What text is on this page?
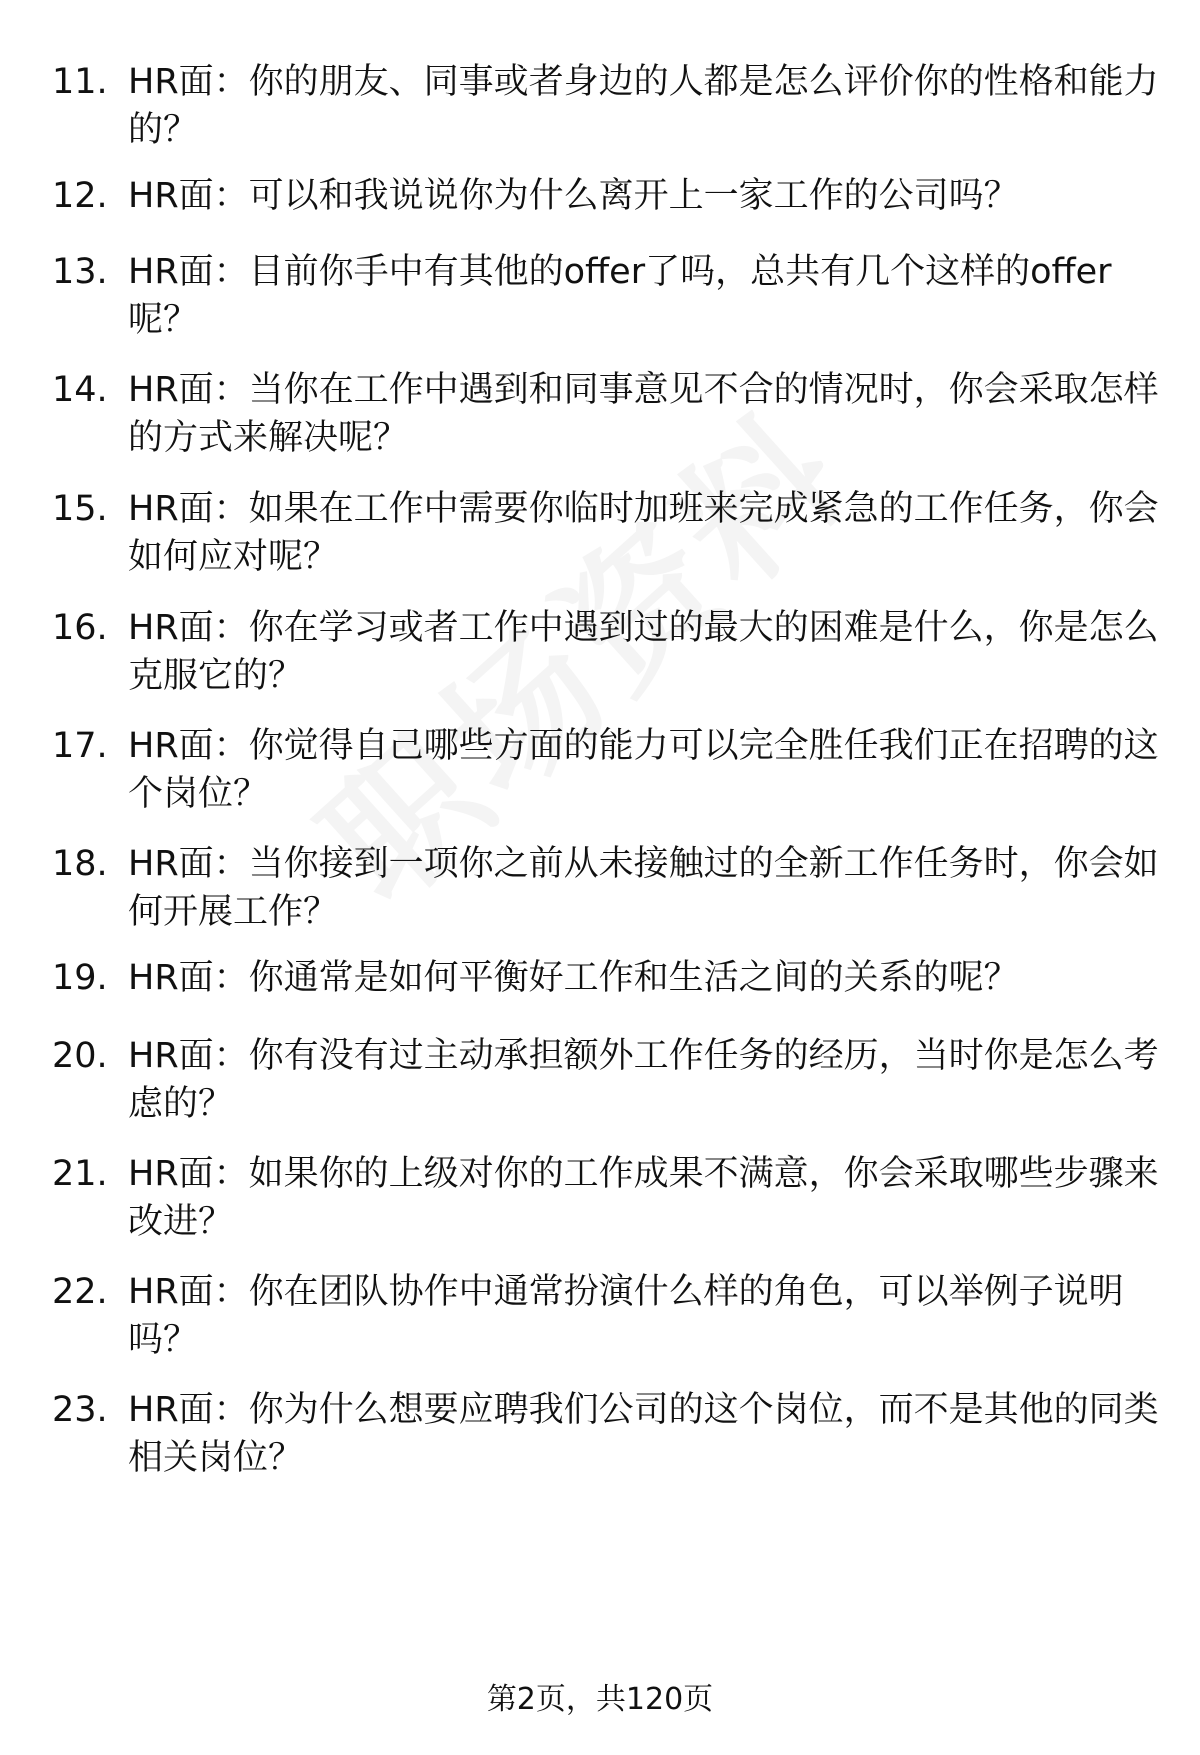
11. HR面：你的朋友、同事或者身边的人都是怎么评价你的性格和能力的？
12. HR面：可以和我说说你为什么离开上一家工作的公司吗？
13. HR面：目前你手中有其他的offer了吗，总共有几个这样的offer呢？
14. HR面：当你在工作中遇到和同事意见不合的情况时，你会采取怎样的方式来解决呢？
15. HR面：如果在工作中需要你临时加班来完成紧急的工作任务，你会如何应对呢？
16. HR面：你在学习或者工作中遇到过的最大的困难是什么，你是怎么克服它的？
17. HR面：你觉得自己哪些方面的能力可以完全胜任我们正在招聘的这个岗位？
18. HR面：当你接到一项你之前从未接触过的全新工作任务时，你会如何开展工作？
19. HR面：你通常是如何平衡好工作和生活之间的关系的呢？
20. HR面：你有没有过主动承担额外工作任务的经历，当时你是怎么考虑的？
21. HR面：如果你的上级对你的工作成果不满意，你会采取哪些步骤来改进？
22. HR面：你在团队协作中通常扮演什么样的角色，可以举例子说明吗？
23. HR面：你为什么想要应聘我们公司的这个岗位，而不是其他的同类相关岗位？
第2页，共120页
